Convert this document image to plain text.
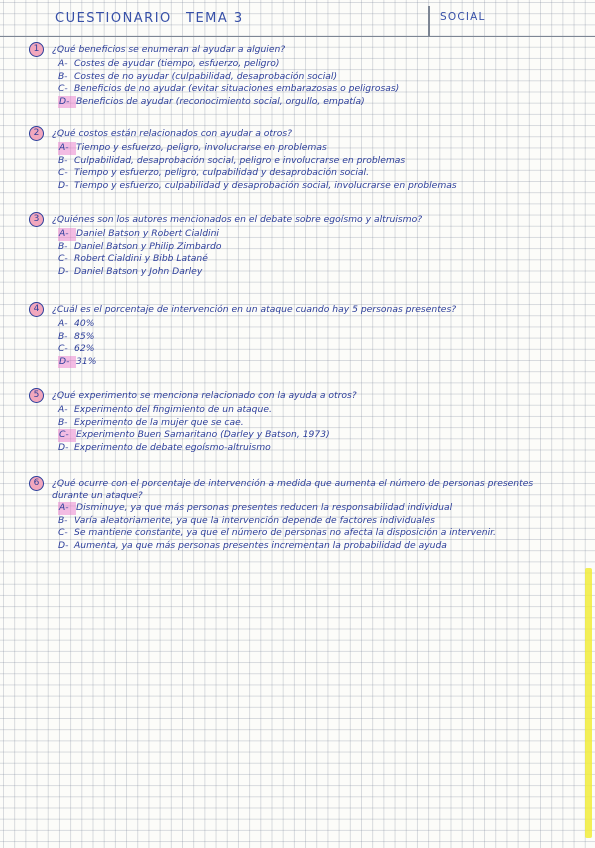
CUESTIONARIO TEMA 3	SOCIAL
1	¿Qué beneficios se enumeran al ayudar a alguien?
A- Costes de ayudar (tiempo, esfuerzo, peligro)
B- Costes de no ayudar (culpabilidad, desaprobación social)
C- Beneficios de no ayudar (evitar situaciones embarazosas o peligrosas)
D- Beneficios de ayudar (reconocimiento social, orgullo, empatía)
2	¿Qué costos están relacionados con ayudar a otros?
A- Tiempo y esfuerzo, peligro, involucrarse en problemas
B- Culpabilidad, desaprobación social, peligro e involucrarse en problemas
C- Tiempo y esfuerzo, peligro, culpabilidad y desaprobación social.
D- Tiempo y esfuerzo, culpabilidad y desaprobación social, involucrarse en problemas
3	¿Quiénes son los autores mencionados en el debate sobre egoísmo y altruismo?
A- Daniel Batson y Robert Cialdini
B- Daniel Batson y Philip Zimbardo
C- Robert Cialdini y Bibb Latané
D- Daniel Batson y John Darley
4	¿Cuál es el porcentaje de intervención en un ataque cuando hay 5 personas presentes?
A- 40%
B- 85%
C- 62%
D- 31%
5	¿Qué experimento se menciona relacionado con la ayuda a otros?
A- Experimento del fingimiento de un ataque.
B- Experimento de la mujer que se cae.
C- Experimento Buen Samaritano (Darley y Batson, 1973)
D- Experimento de debate egoísmo-altruismo
6	¿Qué ocurre con el porcentaje de intervención a medida que aumenta el número de personas presentes durante un ataque?
A- Disminuye, ya que más personas presentes reducen la responsabilidad individual
B- Varía aleatoriamente, ya que la intervención depende de factores individuales
C- Se mantiene constante, ya que el número de personas no afecta la disposición a intervenir.
D- Aumenta, ya que más personas presentes incrementan la probabilidad de ayuda
